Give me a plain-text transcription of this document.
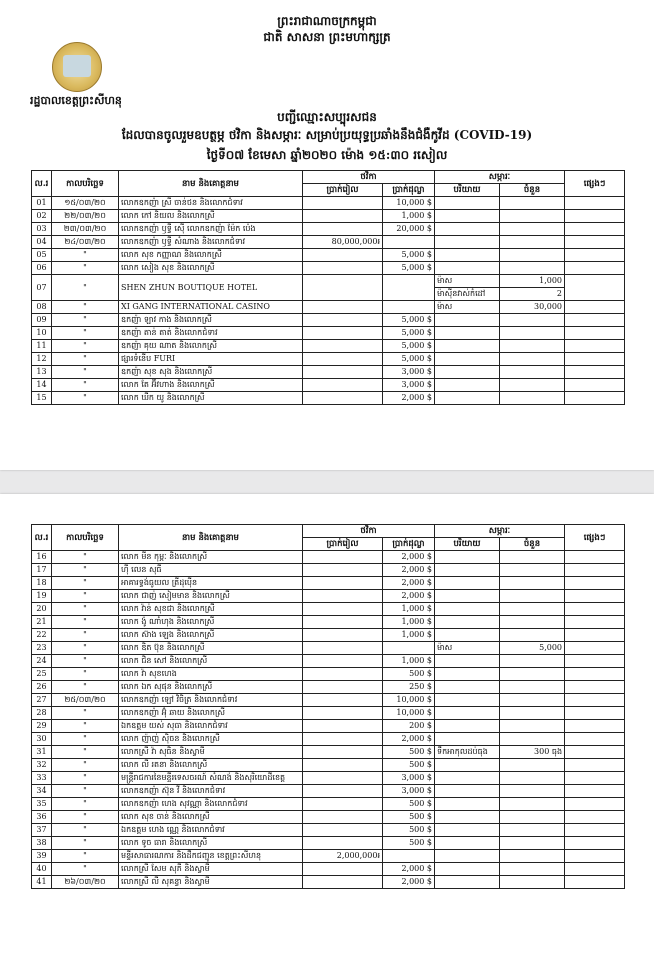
ព្រះរាជាណាចក្រកម្ពុជា
ជាតិ សាសនា ព្រះមហាក្សត្រ
រដ្ឋបាលខេត្តព្រះសីហនុ
បញ្ជីឈ្មោះសប្បុរសជន
ដែលបានចូលរួមឧបត្ថម្ភ ថវិកា និងសម្ភារៈ សម្រាប់ប្រយុទ្ធប្រឆាំងនឹងជំងឺកូវីដ (COVID-19)
ថ្ងៃទី០៧ ខែមេសា ឆ្នាំ២០២០ ម៉ោង ១៥:៣០ រសៀល
ល.រ	កាលបរិច្ឆេទ	នាម និងគោត្តនាម	ថវិកា		សម្ភារៈ		ផ្សេងៗ
			ប្រាក់រៀល	ប្រាក់ដុល្លា	បរិយាយ	ចំនួន	
01	១៥/០៣/២០	លោកឧកញ៉ា ស្រី ចាន់ថន និងលោកជំទាវ		10,000 $			
02	២២/០៣/២០	លោក កៅ និយល និងលោកស្រី		1,000 $			
03	២៣/០៣/២០	លោកឧកញ៉ា ឫទ្ធី ស៊ើ លោកឧកញ៉ា ម៉ែក ប៉េង		20,000 $			
04	២៤/០៣/២០	លោកឧកញ៉ា ឫទ្ធី សំណាង និងលោកជំទាវ	80,000,000៛				
05	"	លោក សុខ កញ្ញាណ និងលោកស្រី		5,000 $			
06	"	លោក សៀង សុខ និងលោកស្រី		5,000 $			
07	"	SHEN ZHUN BOUTIQUE HOTEL			ម៉ាស	1,000	
					ម៉ាស៊ីនវាស់កំដៅ	2	
08	"	XI GANG INTERNATIONAL CASINO			ម៉ាស	30,000	
09	"	ឧកញ៉ា ឡាវ កាង និងលោកស្រី		5,000 $			
10	"	ឧកញ៉ា តាន់ តាត់ និងលោកជំទាវ		5,000 $			
11	"	ឧកញ៉ា គុយ ណាត និងលោកស្រី		5,000 $			
12	"	ផ្សារទំនើប FURI		5,000 $			
13	"	ឧកញ៉ា សុខ សុង និងលោកស្រី		3,000 $			
14	"	លោក តែ អ៊ីវហាង និងលោកស្រី		3,000 $			
15	"	លោក ឃីក យូ និងលោកស្រី		2,000 $			
ល.រ	កាលបរិច្ឆេទ	នាម និងគោត្តនាម	ថវិកា		សម្ភារៈ		ផ្សេងៗ
			ប្រាក់រៀល	ប្រាក់ដុល្លា	បរិយាយ	ចំនួន	
16	"	លោក មីន កុម្ភៈ និងលោកស្រី		2,000 $			
17	"	ហ៊ី លេន សុធី		2,000 $			
18	"	អាគារទ្វង់ធូយល ត្រីដុប៉ើន		2,000 $			
19	"	លោក ជាញ់ សៀមមាន និងលោកស្រី		2,000 $			
20	"	លោក វ៉ាន់ សុខជា និងលោកស្រី		1,000 $			
21	"	លោក ង៉ូ ណាំហុង និងលោកស្រី		1,000 $			
22	"	លោក ស៊ាង ឡេង និងលោកស្រី		1,000 $			
23	"	លោក ឌិត ប៊ុន និងលោកស្រី			ម៉ាស	5,000	
24	"	លោក ជិន សៅ និងលោកស្រី		1,000 $			
25	"	លោក វ៉ា សុខហេង		500 $			
26	"	លោក ឯក សុផុន និងលោកស្រី		250 $			
27	២៥/០៣/២០	លោកឧកញ៉ា ឡៅ វិចិត្រ និងលោកជំទាវ		10,000 $			
28	"	លោកឧកញ៉ា អ៊ុំ ឆាយ និងលោកស្រី		10,000 $			
29	"	ឯកឧត្តម យស់ សុធា និងលោកជំទាវ		200 $			
30	"	លោក ញ៉ាញ់ ស៊ិចន និងលោកស្រី		2,000 $			
31	"	លោកស្រី វ៉ា សុធិន និងស្វាមី		500 $	ទឹកអាកុលដប់ធុង	300 ធុង	
32	"	លោក លី រតនា និងលោកស្រី		500 $			
33	"	មន្ត្រីរាជការនៃមន្ទីរទេសចរណ៍ សំណង់ និងសុរិយោដីខេត្ត		3,000 $			
34	"	លោកឧកញ៉ា ស៊ុន វី និងលោកជំទាវ		3,000 $			
35	"	លោកឧកញ៉ា ហេង សុវណ្ណា និងលោកជំទាវ		500 $			
36	"	លោក សុខ ចាន់ និងលោកស្រី		500 $			
37	"	ឯកឧត្តម ហេង ណ្ណេ និងលោកជំទាវ		500 $			
38	"	លោក ទូច ធារា និងលោកស្រី		500 $			
39	"	មន្ទីរសាធារណការ និងដឹកជញ្ជូន ខេត្តព្រះសីហនុ	2,000,000៛				
40	"	លោកស្រី សែម សុភី និងស្វាមី		2,000 $			
41	២៦/០៣/២០	លោកស្រី លី សុគន្ធា និងស្វាមី		2,000 $			
